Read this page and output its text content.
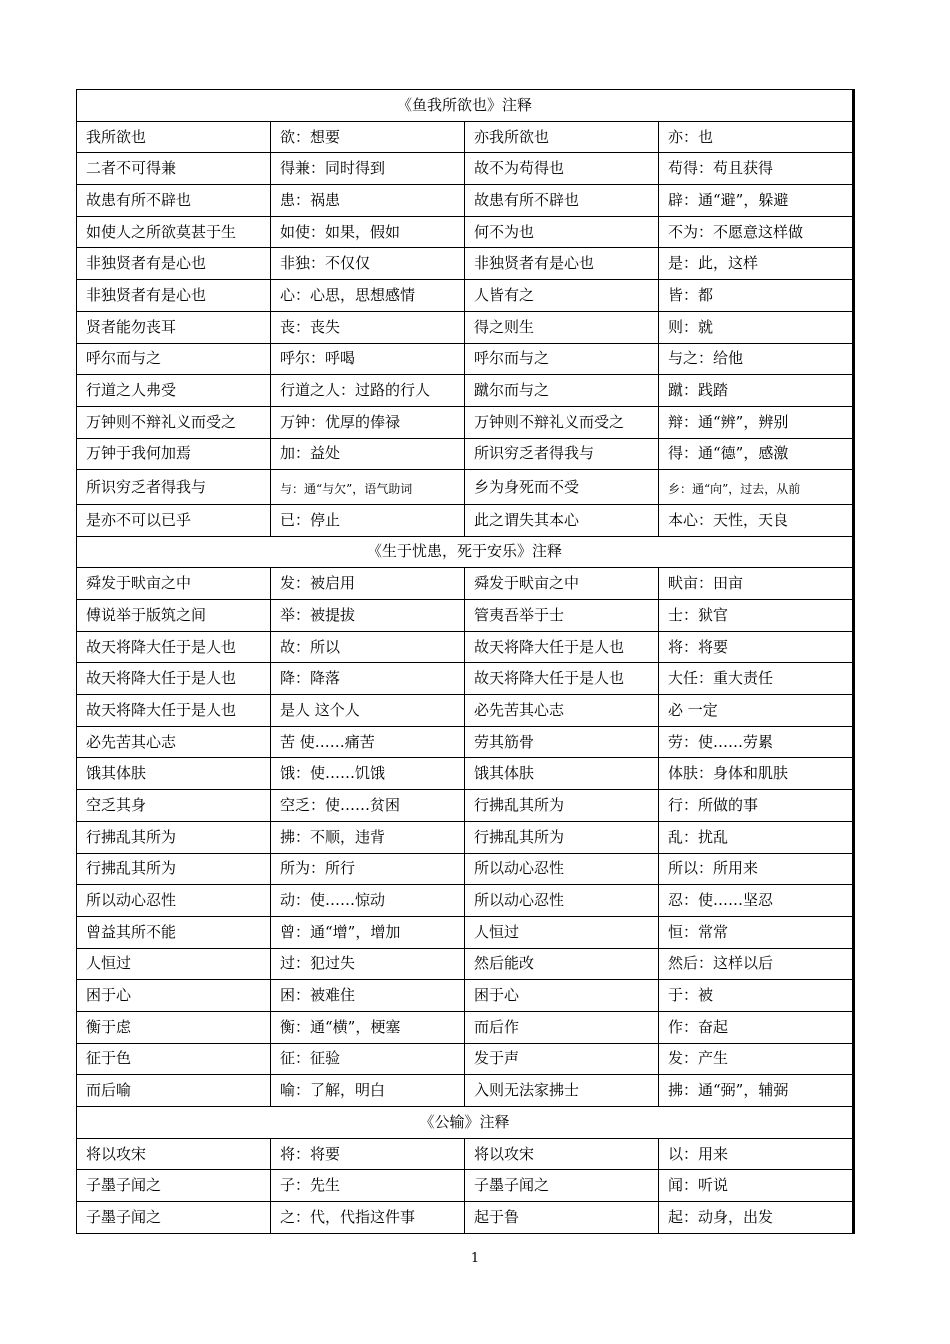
《鱼我所欲也》注释			
我所欲也	欲：想要	亦我所欲也	亦：也
二者不可得兼	得兼：同时得到	故不为苟得也	苟得：苟且获得
故患有所不辟也	患：祸患	故患有所不辟也	辟：通“避”，躲避
如使人之所欲莫甚于生	如使：如果，假如	何不为也	不为：不愿意这样做
非独贤者有是心也	非独：不仅仅	非独贤者有是心也	是：此，这样
非独贤者有是心也	心：心思，思想感情	人皆有之	皆：都
贤者能勿丧耳	丧：丧失	得之则生	则：就
呼尔而与之	呼尔：呼喝	呼尔而与之	与之：给他
行道之人弗受	行道之人：过路的行人	蹴尔而与之	蹴：践踏
万钟则不辩礼义而受之	万钟：优厚的俸禄	万钟则不辩礼义而受之	辩：通“辨”，辨别
万钟于我何加焉	加：益处	所识穷乏者得我与	得：通“德”，感激
所识穷乏者得我与	与：通“与欠”，语气助词	乡为身死而不受	乡：通“向”，过去，从前
是亦不可以已乎	已：停止	此之谓失其本心	本心：天性，天良
《生于忧患，死于安乐》注释			
舜发于畎亩之中	发：被启用	舜发于畎亩之中	畎亩：田亩
傅说举于版筑之间	举：被提拔	管夷吾举于士	士：狱官
故天将降大任于是人也	故：所以	故天将降大任于是人也	将：将要
故天将降大任于是人也	降：降落	故天将降大任于是人也	大任：重大责任
故天将降大任于是人也	是人 这个人	必先苦其心志	必 一定
必先苦其心志	苦 使……痛苦	劳其筋骨	劳：使……劳累
饿其体肤	饿：使……饥饿	饿其体肤	体肤：身体和肌肤
空乏其身	空乏：使……贫困	行拂乱其所为	行：所做的事
行拂乱其所为	拂：不顺，违背	行拂乱其所为	乱：扰乱
行拂乱其所为	所为：所行	所以动心忍性	所以：所用来
所以动心忍性	动：使……惊动	所以动心忍性	忍：使……坚忍
曾益其所不能	曾：通“增”，增加	人恒过	恒：常常
人恒过	过：犯过失	然后能改	然后：这样以后
困于心	困：被难住	困于心	于：被
衡于虑	衡：通“横”，梗塞	而后作	作：奋起
征于色	征：征验	发于声	发：产生
而后喻	喻：了解，明白	入则无法家拂士	拂：通“弼”，辅弼
《公输》注释			
将以攻宋	将：将要	将以攻宋	以：用来
子墨子闻之	子：先生	子墨子闻之	闻：听说
子墨子闻之	之：代，代指这件事	起于鲁	起：动身，出发
1
